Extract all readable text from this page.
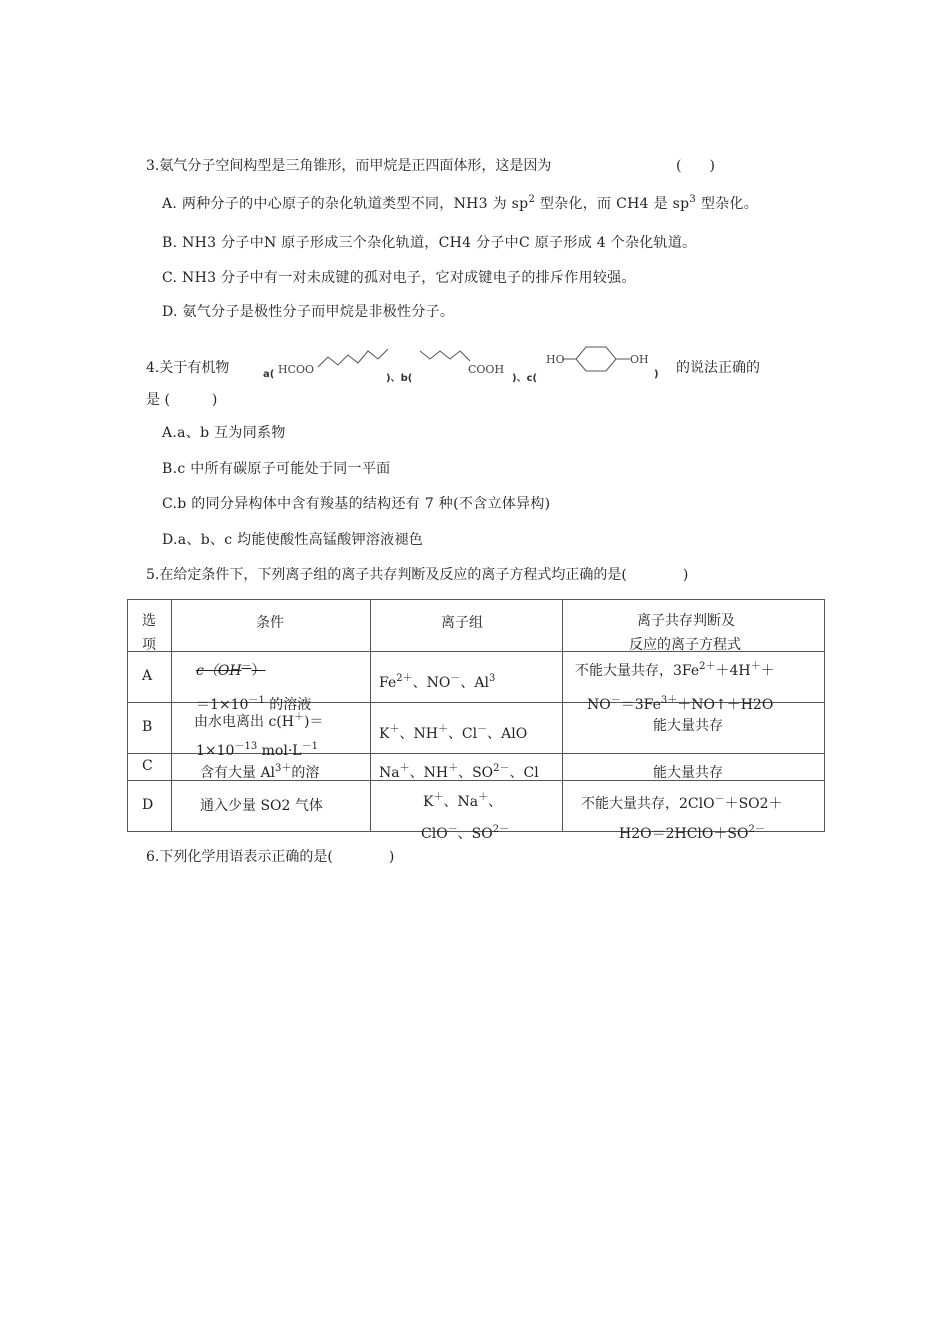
3.氨气分子空间构型是三角锥形，而甲烷是正四面体形，这是因为	(　　)
A. 两种分子的中心原子的杂化轨道类型不同，NH3 为 $sp^2$ 型杂化，而 CH4 是 $sp^3$ 型杂化。
B. NH3 分子中N 原子形成三个杂化轨道，CH4 分子中C 原子形成 4 个杂化轨道。
C. NH3 分子中有一对未成键的孤对电子，它对成键电子的排斥作用较强。
D. 氨气分子是极性分子而甲烷是非极性分子。
4.关于有机物	a( HCOO
)、b(
COOH
)、c(
HO	OH
) 的说法正确的
是 (　　　)
A.a、b 互为同系物
B.c 中所有碳原子可能处于同一平面
C.b 的同分异构体中含有羧基的结构还有 7 种(不含立体异构)
D.a、b、c 均能使酸性高锰酸钾溶液褪色
5.在给定条件下，下列离子组的离子共存判断及反应的离子方程式均正确的是(　　　　)
选
项	条件	离子组	离子共存判断及
反应的离子方程式

A	c（OH－）
$=1\times 10^{-1}$ 的溶液	$Fe^{2+}$、NO－、Al$^3$	不能大量共存，$3Fe^{2+}+4H^++$
$NO^-=3Fe^{3+}+NO↑+H2O$

B	由水电离出 c(H＋)＝
$1\times 10^{-13}$ $mol\cdot L^{-1}$	K＋、NH＋、Cl－、AlO	能大量共存

C	含有大量 $Al^{3+}$的溶	Na＋、NH＋、$SO^{2-}$、Cl	能大量共存

D	通入少量 SO2 气体	K＋、Na＋、
ClO－、$SO^{2-}$	不能大量共存，2ClO－＋SO2＋
$H2O=2HClO+SO^{2-}$
6.下列化学用语表示正确的是(　　　　)
